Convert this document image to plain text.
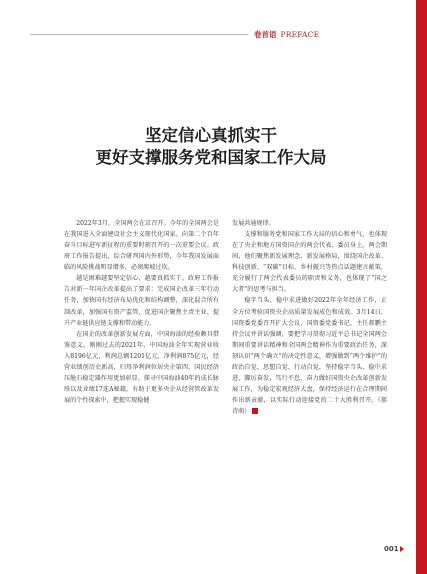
卷首语 PREFACE
坚定信心真抓实干
更好支撑服务党和国家工作大局

2022年3月，全国两会在京召开。今年的全国两会是在我国进入全面建设社会主义现代化国家、向第二个百年奋斗目标进军新征程的重要时刻召开的一次重要会议。政府工作报告提出，综合研判国内外形势，今年我国发展面临的风险挑战明显增多，必须爬坡过坎。

越是困难越要坚定信心、越要真抓实干。政府工作报告对新一年国企改革提出了要求：完成国企改革三年行动任务，加快国有经济布局优化和结构调整，深化混合所有制改革，加强国有资产监管，促进国企聚焦主责主业、提升产业链供应链支撑和带动能力。

在国企的改革创新发展方面，中国海油的经验颇具借鉴意义。刚刚过去的2021年，中国海油全年实现营业收入8196亿元，利润总额1201亿元、净利润875亿元，经营业绩创历史新高，归母净利润位居央企第四，国民经济压舱石稳定器作用更加彰显。探寻中国海油40年的成长脉络以及业绩17连A秘籍，有助于更多央企从经营管改革发展的个性探索中，把握实现稳健

发展共通规律。

支撑和服务党和国家工作大局的信心和勇气，也体现在了央企和地方国资国企的两会代表、委员身上。两会期间，他们聚焦新发展理念、新发展格局，围绕国企改革、科技创新、“双碳”目标、乡村振兴等热点话题建言献策，充分履行了两会代表委员的职责和义务，也体现了“国之大者”的思考与担当。

稳字当头、稳中求进做好2022年全年经济工作，正全方位考验国资央企高质量发展成色和成效。3月14日，国资委党委召开扩大会议，国资委党委书记、主任郝鹏主持会议并讲话强调，要把学习贯彻习近平总书记全国两会期间重要讲话精神和全国两会精神作为重要政治任务，深刻认识“两个确立”的决定性意义，增强做到“两个维护”的政治自觉、思想自觉、行动自觉，坚持稳字当头、稳中求进，脚厉奋发，笃行不怠，奋力做好国资央企改革创新发展工作，为稳定宏观经济大盘，保持经济运行在合理期间作出新贡献，以实际行动迎接党的二十大胜利召开。（郝诗萌）

001
